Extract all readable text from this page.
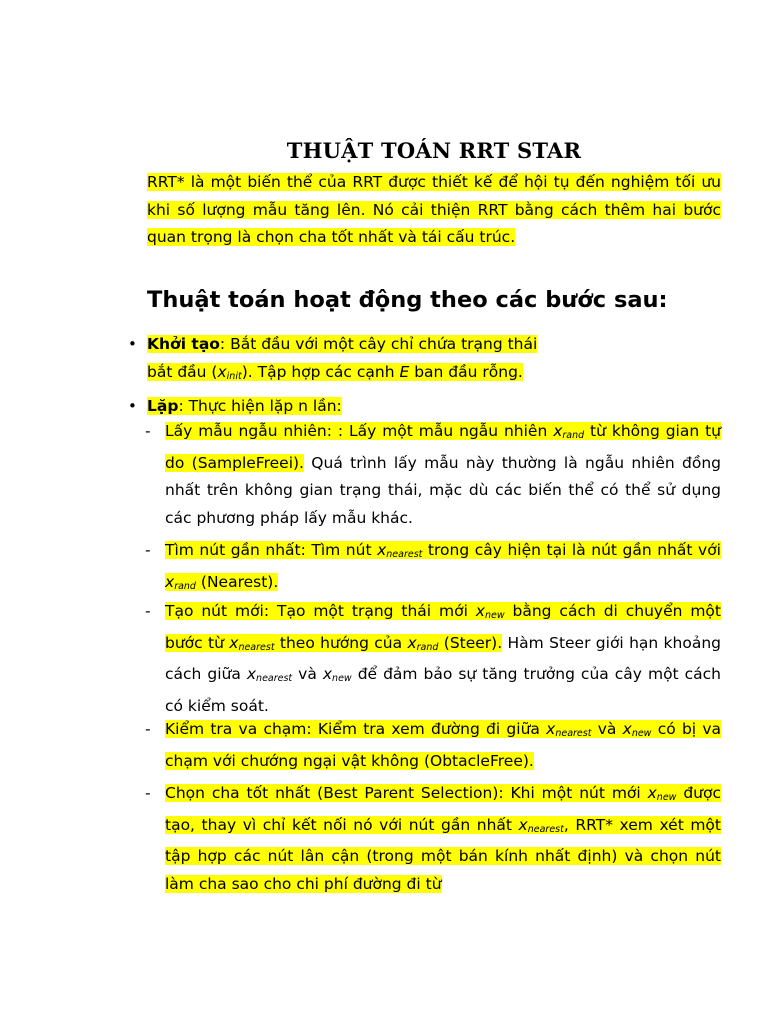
THUẬT TOÁN RRT STAR

RRT* là một biến thể của RRT được thiết kế để hội tụ đến nghiệm tối ưu khi số lượng mẫu tăng lên. Nó cải thiện RRT bằng cách thêm hai bước quan trọng là chọn cha tốt nhất và tái cấu trúc.

Thuật toán hoạt động theo các bước sau:
• Khởi tạo: Bắt đầu với một cây chỉ chứa trạng thái
bắt đầu $(x_{init})$. Tập hợp các cạnh E ban đầu rỗng.
• Lặp: Thực hiện lặp n lần:
- Lấy mẫu ngẫu nhiên: : Lấy một mẫu ngẫu nhiên $x_{rand}$ từ không gian tự do (SampleFreei). Quá trình lấy mẫu này thường là ngẫu nhiên đồng nhất trên không gian trạng thái, mặc dù các biến thể có thể sử dụng các phương pháp lấy mẫu khác.

- Tìm nút gần nhất: Tìm nút $x_{nearest}$ trong cây hiện tại là nút gần nhất với $x_{rand}$ (Nearest).

- Tạo nút mới: Tạo một trạng thái mới $x_{new}$ bằng cách di chuyển một bước từ $x_{nearest}$ theo hướng của $x_{rand}$ (Steer). Hàm Steer giới hạn khoảng cách giữa $x_{nearest}$ và $x_{new}$ để đảm bảo sự tăng trưởng của cây một cách có kiểm soát.

- Kiểm tra va chạm: Kiểm tra xem đường đi giữa $x_{nearest}$ và $x_{new}$ có bị va chạm với chướng ngại vật không (ObtacleFree).

- Chọn cha tốt nhất (Best Parent Selection): Khi một nút mới $x_{new}$ được tạo, thay vì chỉ kết nối nó với nút gần nhất $x_{nearest}$, RRT* xem xét một tập hợp các nút lân cận (trong một bán kính nhất định) và chọn nút làm cha sao cho chi phí đường đi từ
